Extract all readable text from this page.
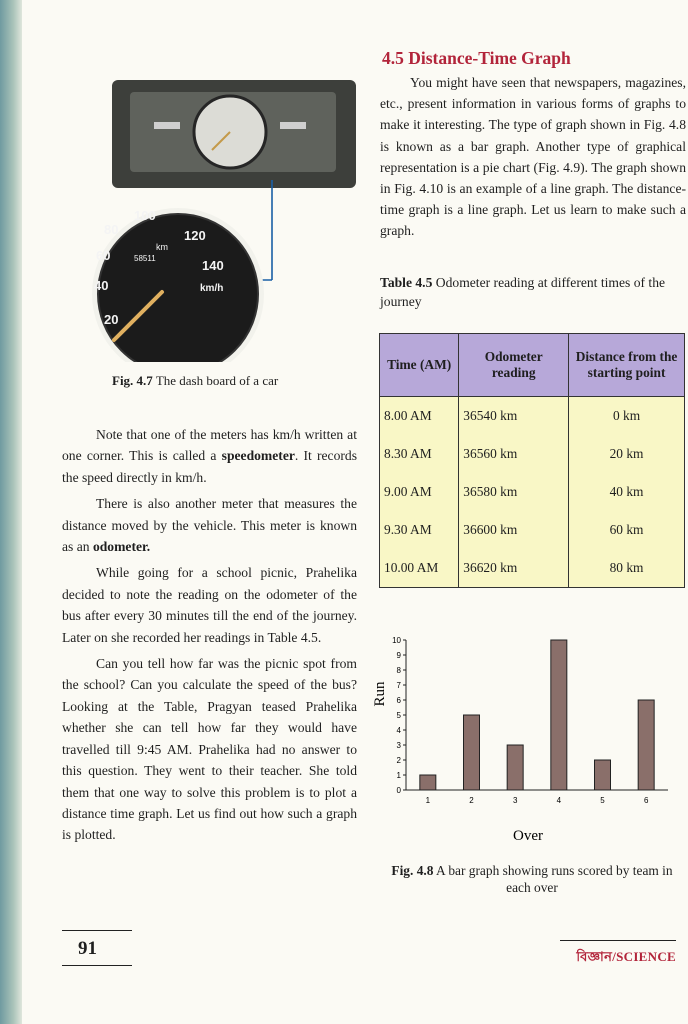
80
100
120
60
140
40
20
km
58511
km/h
Fig. 4.7 The dash board of a car

Note that one of the meters has km/h written at one corner. This is called a speedometer. It records the speed directly in km/h.

There is also another meter that measures the distance moved by the vehicle. This meter is known as an odometer.

While going for a school picnic, Prahelika decided to note the reading on the odometer of the bus after every 30 minutes till the end of the journey. Later on she recorded her readings in Table 4.5.

Can you tell how far was the picnic spot from the school? Can you calculate the speed of the bus? Looking at the Table, Pragyan teased Prahelika whether she can tell how far they would have travelled till 9:45 AM. Prahelika had no answer to this question. They went to their teacher. She told them that one way to solve this problem is to plot a distance time graph. Let us find out how such a graph is plotted.

91
4.5 Distance-Time Graph

You might have seen that newspapers, magazines, etc., present information in various forms of graphs to make it interesting. The type of graph shown in Fig. 4.8 is known as a bar graph. Another type of graphical representation is a pie chart (Fig. 4.9). The graph shown in Fig. 4.10 is an example of a line graph. The distance-time graph is a line graph. Let us learn to make such a graph.

Table 4.5 Odometer reading at different times of the journey
Time (AM)	Odometer reading	Distance from the starting point
8.00 AM	36540 km	0 km
8.30 AM	36560 km	20 km
9.00 AM	36580 km	40 km
9.30 AM	36600 km	60 km
10.00 AM	36620 km	80 km
Run
Over
0
1
2
3
4
5
6
7
8
9
10
1	2	3	4	5	6
Fig. 4.8 A bar graph showing runs scored by team in each over
বিজ্ঞান/SCIENCE
